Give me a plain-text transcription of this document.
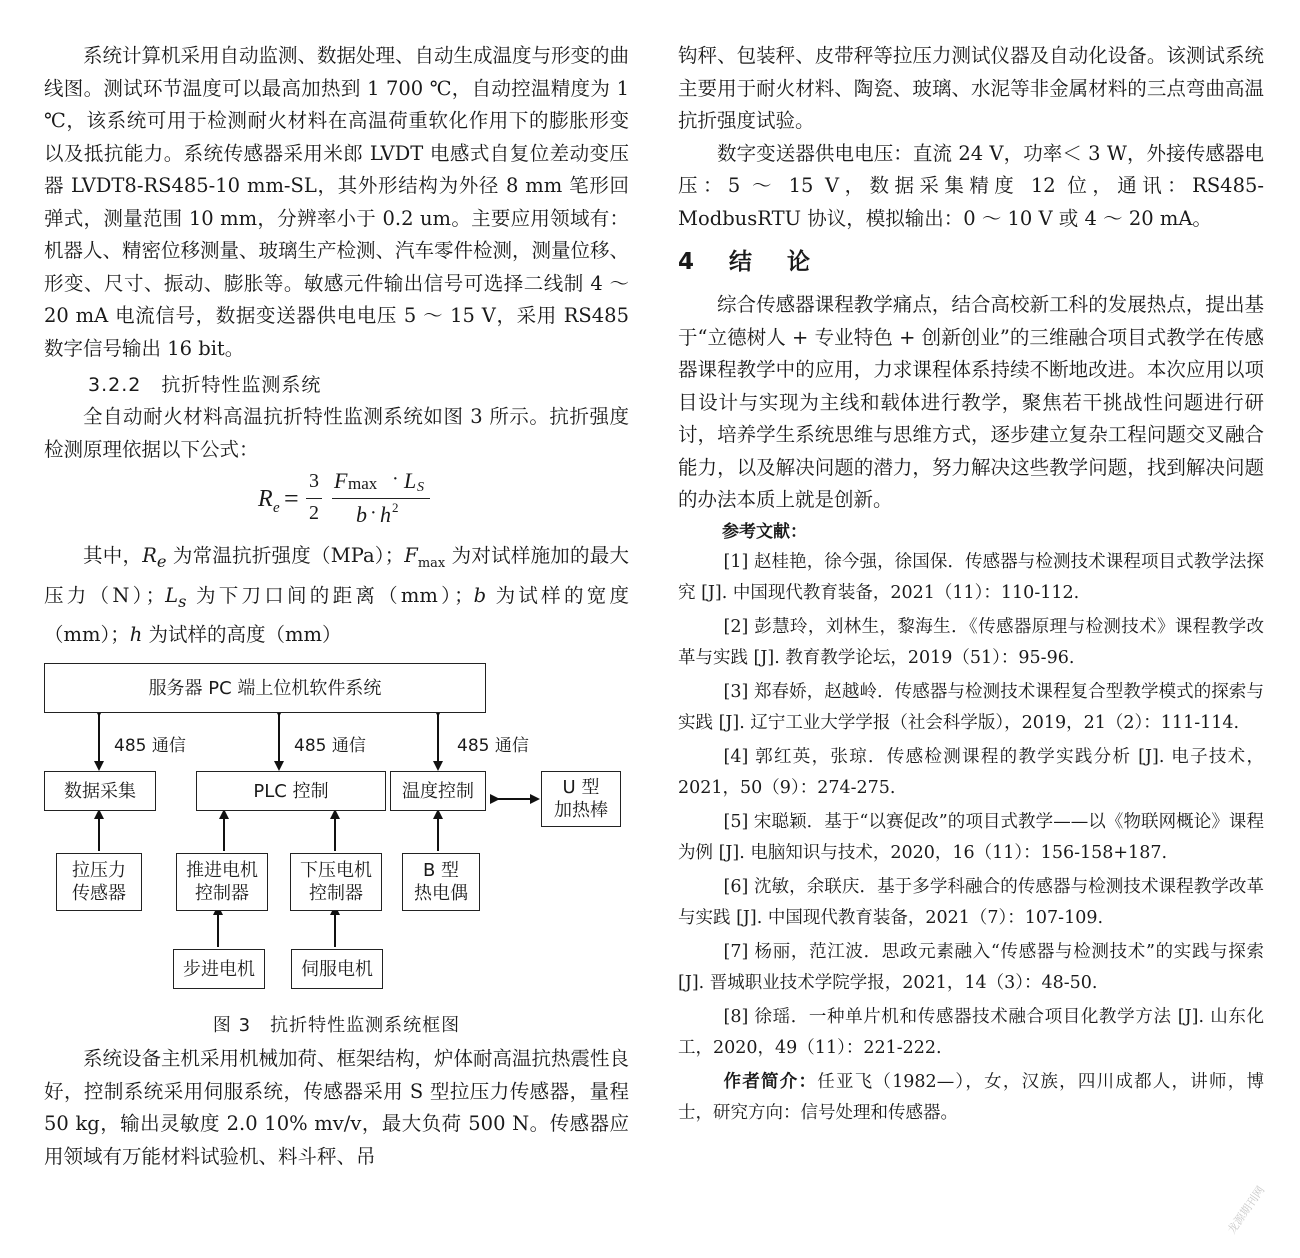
系统计算机采用自动监测、数据处理、自动生成温度与形变的曲线图。测试环节温度可以最高加热到 1 700 ℃，自动控温精度为 1 ℃，该系统可用于检测耐火材料在高温荷重软化作用下的膨胀形变以及抵抗能力。系统传感器采用米郎 LVDT 电感式自复位差动变压器 LVDT8-RS485-10 mm-SL，其外形结构为外径 8 mm 笔形回弹式，测量范围 10 mm，分辨率小于 0.2 um。主要应用领域有：机器人、精密位移测量、玻璃生产检测、汽车零件检测，测量位移、形变、尺寸、振动、膨胀等。敏感元件输出信号可选择二线制 4 ～ 20 mA 电流信号，数据变送器供电电压 5 ～ 15 V，采用 RS485 数字信号输出 16 bit。

3.2.2　抗折特性监测系统

全自动耐火材料高温抗折特性监测系统如图 3 所示。抗折强度检测原理依据以下公式：

R e =
3
2
F max · L S
b · h 2

其中，$R_e$ 为常温抗折强度（MPa）；$F_{max}$ 为对试样施加的最大压力（N）；$L_s$ 为下刀口间的距离（mm）；b 为试样的宽度（mm）；h 为试样的高度（mm）

服务器 PC 端上位机软件系统
485 通信	485 通信	485 通信
数据采集	PLC 控制	温度控制	U 型
加热棒
拉压力
传感器
推进电机
控制器
下压电机
控制器
B 型
热电偶
步进电机	伺服电机

图 3　抗折特性监测系统框图

系统设备主机采用机械加荷、框架结构，炉体耐高温抗热震性良好，控制系统采用伺服系统，传感器采用 S 型拉压力传感器，量程 50 kg，输出灵敏度 2.0 10% mv/v，最大负荷 500 N。传感器应用领域有万能材料试验机、料斗秤、吊

钩秤、包装秤、皮带秤等拉压力测试仪器及自动化设备。该测试系统主要用于耐火材料、陶瓷、玻璃、水泥等非金属材料的三点弯曲高温抗折强度试验。

数字变送器供电电压：直流 24 V，功率＜ 3 W，外接传感器电压：5 ～ 15 V，数据采集精度 12 位，通讯：RS485-ModbusRTU 协议，模拟输出：0 ～ 10 V 或 4 ～ 20 mA。

4　结　论

综合传感器课程教学痛点，结合高校新工科的发展热点，提出基于“立德树人 + 专业特色 + 创新创业”的三维融合项目式教学在传感器课程教学中的应用，力求课程体系持续不断地改进。本次应用以项目设计与实现为主线和载体进行教学，聚焦若干挑战性问题进行研讨，培养学生系统思维与思维方式，逐步建立复杂工程问题交叉融合能力，以及解决问题的潜力，努力解决这些教学问题，找到解决问题的办法本质上就是创新。

参考文献：

[1] 赵桂艳，徐今强，徐国保．传感器与检测技术课程项目式教学法探究 [J]. 中国现代教育装备，2021（11）：110-112.

[2] 彭慧玲，刘林生，黎海生．《传感器原理与检测技术》课程教学改革与实践 [J]. 教育教学论坛，2019（51）：95-96.

[3] 郑春娇，赵越岭．传感器与检测技术课程复合型教学模式的探索与实践 [J]. 辽宁工业大学学报（社会科学版），2019，21（2）：111-114.

[4] 郭红英，张琼．传感检测课程的教学实践分析 [J]. 电子技术，2021，50（9）：274-275.

[5] 宋聪颖．基于“以赛促改”的项目式教学——以《物联网概论》课程为例 [J]. 电脑知识与技术，2020，16（11）：156-158+187.

[6] 沈敏，余联庆．基于多学科融合的传感器与检测技术课程教学改革与实践 [J]. 中国现代教育装备，2021（7）：107-109.

[7] 杨丽，范江波．思政元素融入“传感器与检测技术”的实践与探索 [J]. 晋城职业技术学院学报，2021，14（3）：48-50.

[8] 徐瑶．一种单片机和传感器技术融合项目化教学方法 [J]. 山东化工，2020，49（11）：221-222.

作者简介：任亚飞（1982—），女，汉族，四川成都人，讲师，博士，研究方向：信号处理和传感器。

龙源期刊网
